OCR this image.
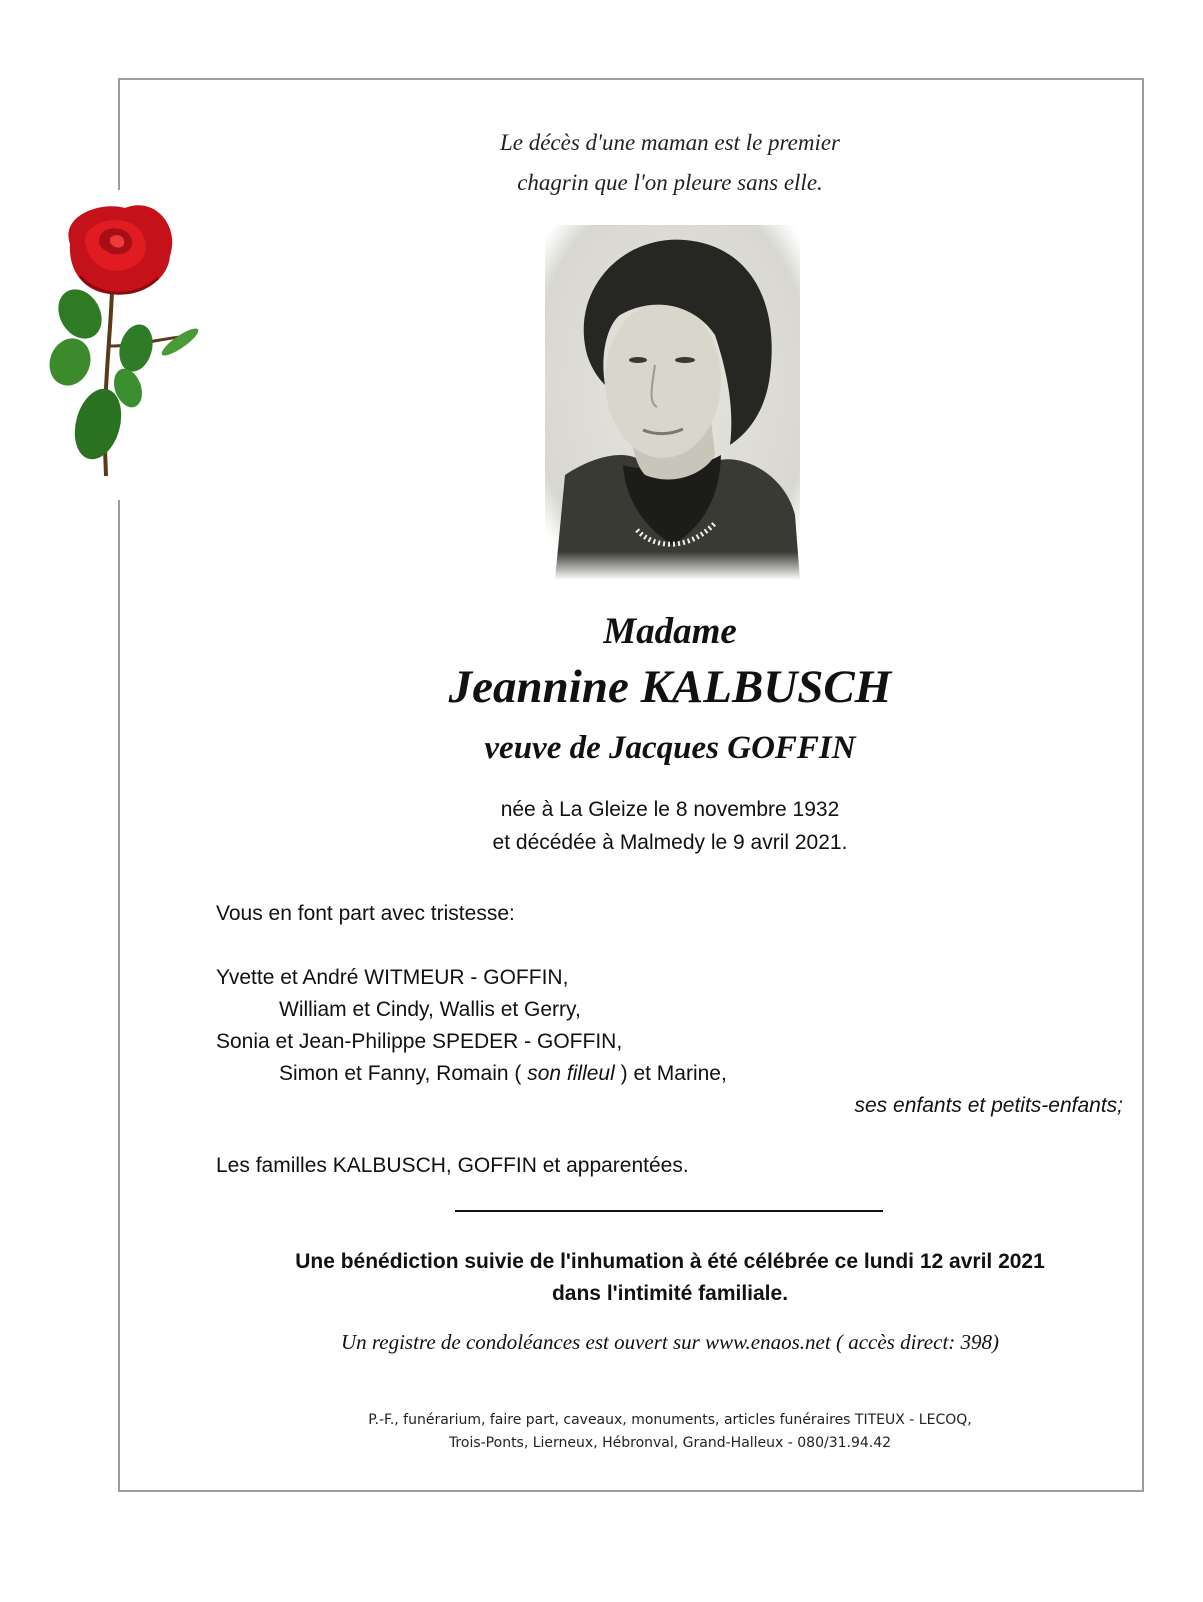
Le décès d'une maman est le premier
chagrin que l'on pleure sans elle.
Madame
Jeannine KALBUSCH
veuve de Jacques GOFFIN
née à La Gleize le 8 novembre 1932
et décédée à Malmedy le 9 avril 2021.
Vous en font part avec tristesse:
Yvette et André WITMEUR - GOFFIN,
William et Cindy, Wallis et Gerry,
Sonia et Jean-Philippe SPEDER - GOFFIN,
Simon et Fanny, Romain ( son filleul ) et Marine,
ses enfants et petits-enfants;
Les familles KALBUSCH, GOFFIN et apparentées.
Une bénédiction suivie de l'inhumation à été célébrée ce lundi 12 avril 2021
dans l'intimité familiale.
Un registre de condoléances est ouvert sur www.enaos.net ( accès direct: 398)
P.-F., funérarium, faire part, caveaux, monuments, articles funéraires TITEUX - LECOQ,
Trois-Ponts, Lierneux, Hébronval, Grand-Halleux - 080/31.94.42
